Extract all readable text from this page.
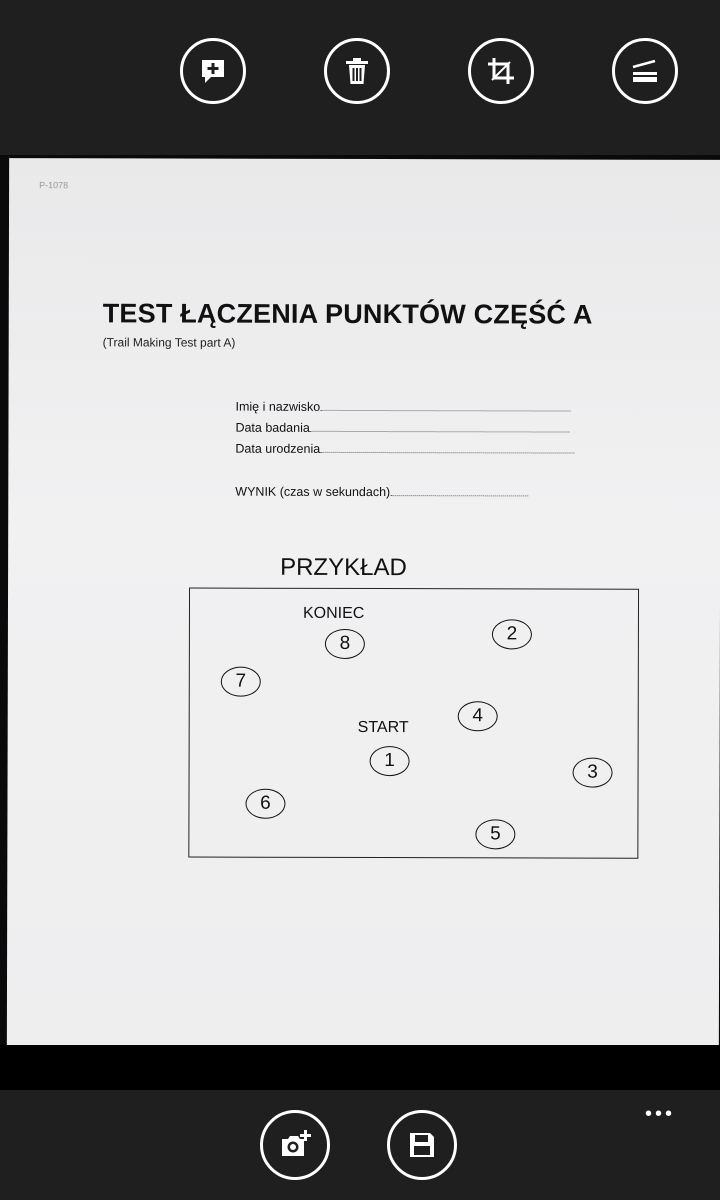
P-1078
TEST ŁĄCZENIA PUNKTÓW CZĘŚĆ A
(Trail Making Test part A)
Imię i nazwisko
Data badania
Data urodzenia
WYNIK (czas w sekundach)
PRZYKŁAD
KONIEC
8	2
7
4
START
1
3
6
5
•••
